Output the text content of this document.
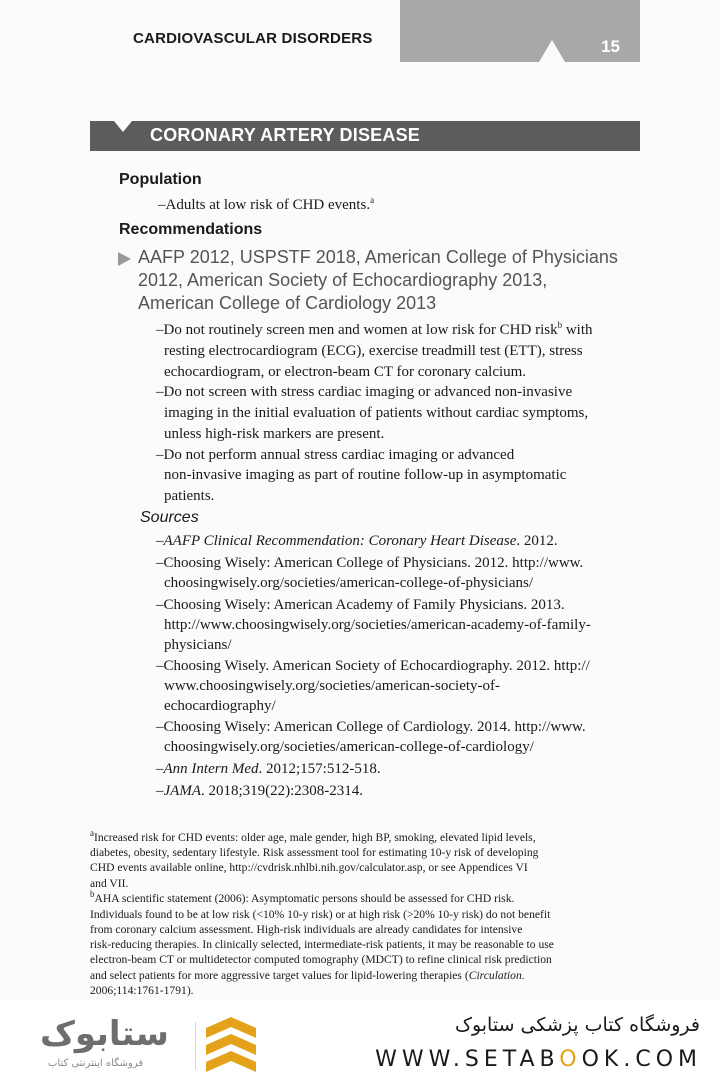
CARDIOVASCULAR DISORDERS	15
CORONARY ARTERY DISEASE
Population
–Adults at low risk of CHD events.$^a$
Recommendations
AAFP 2012, USPSTF 2018, American College of Physicians
2012, American Society of Echocardiography 2013,
American College of Cardiology 2013
–Do not routinely screen men and women at low risk for CHD risk$^b$ with
resting electrocardiogram (ECG), exercise treadmill test (ETT), stress
echocardiogram, or electron-beam CT for coronary calcium.
–Do not screen with stress cardiac imaging or advanced non-invasive
imaging in the initial evaluation of patients without cardiac symptoms,
unless high-risk markers are present.
–Do not perform annual stress cardiac imaging or advanced
non-invasive imaging as part of routine follow-up in asymptomatic
patients.
Sources
–AAFP Clinical Recommendation: Coronary Heart Disease. 2012.
–Choosing Wisely: American College of Physicians. 2012. http://www.
choosingwisely.org/societies/american-college-of-physicians/
–Choosing Wisely: American Academy of Family Physicians. 2013.
http://www.choosingwisely.org/societies/american-academy-of-family-
physicians/
–Choosing Wisely. American Society of Echocardiography. 2012. http://
www.choosingwisely.org/societies/american-society-of-
echocardiography/
–Choosing Wisely: American College of Cardiology. 2014. http://www.
choosingwisely.org/societies/american-college-of-cardiology/
–Ann Intern Med. 2012;157:512-518.
–JAMA. 2018;319(22):2308-2314.
$^a$Increased risk for CHD events: older age, male gender, high BP, smoking, elevated lipid levels,
diabetes, obesity, sedentary lifestyle. Risk assessment tool for estimating 10-y risk of developing
CHD events available online, http://cvdrisk.nhlbi.nih.gov/calculator.asp, or see Appendices VI
and VII.
$^b$AHA scientific statement (2006): Asymptomatic persons should be assessed for CHD risk.
Individuals found to be at low risk (<10% 10-y risk) or at high risk (>20% 10-y risk) do not benefit
from coronary calcium assessment. High-risk individuals are already candidates for intensive
risk-reducing therapies. In clinically selected, intermediate-risk patients, it may be reasonable to use
electron-beam CT or multidetector computed tomography (MDCT) to refine clinical risk prediction
and select patients for more aggressive target values for lipid-lowering therapies (Circulation.
2006;114:1761-1791).
ستابوک
فروشگاه اینترنتی کتاب
فروشگاه کتاب پزشکی ستابوک
WWW.SETABOOK.COM
